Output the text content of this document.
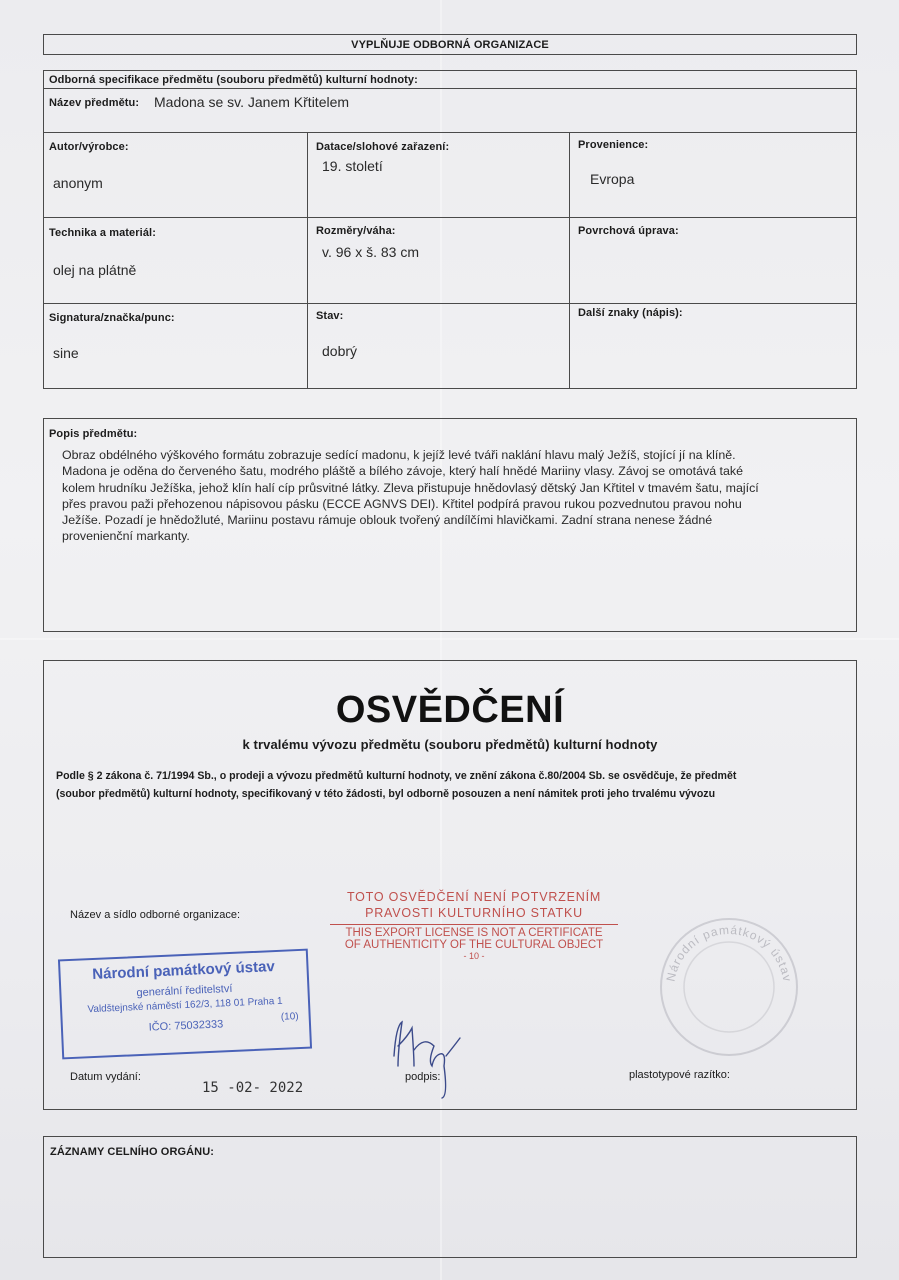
VYPLŇUJE ODBORNÁ ORGANIZACE
Odborná specifikace předmětu (souboru předmětů) kulturní hodnoty:
Název předmětu: Madona se sv. Janem Křtitelem
Autor/výrobce:
anonym
Datace/slohové zařazení:
19. století
Provenience:
Evropa
Technika a materiál:
olej na plátně
Rozměry/váha:
v. 96 x š. 83 cm
Povrchová úprava:
Signatura/značka/punc:
sine
Stav:
dobrý
Další znaky (nápis):
Popis předmětu:
Obraz obdélného výškového formátu zobrazuje sedící madonu, k jejíž levé tváři naklání hlavu malý Ježíš, stojící jí na klíně.
Madona je oděna do červeného šatu, modrého pláště a bílého závoje, který halí hnědé Mariiny vlasy. Závoj se omotává také
kolem hrudníku Ježíška, jehož klín halí cíp průsvitné látky. Zleva přistupuje hnědovlasý dětský Jan Křtitel v tmavém šatu, mající
přes pravou paži přehozenou nápisovou pásku (ECCE AGNVS DEI). Křtitel podpírá pravou rukou pozvednutou pravou nohu
Ježíše. Pozadí je hnědožluté, Mariinu postavu rámuje oblouk tvořený andílčími hlavičkami. Zadní strana nenese žádné
provenienční markanty.
OSVĚDČENÍ
k trvalému vývozu předmětu (souboru předmětů) kulturní hodnoty
Podle § 2 zákona č. 71/1994 Sb., o prodeji a vývozu předmětů kulturní hodnoty, ve znění zákona č.80/2004 Sb. se osvědčuje, že předmět
(soubor předmětů) kulturní hodnoty, specifikovaný v této žádosti, byl odborně posouzen a není námitek proti jeho trvalému vývozu
Název a sídlo odborné organizace:
TOTO OSVĚDČENÍ NENÍ POTVRZENÍM
PRAVOSTI KULTURNÍHO STATKU
THIS EXPORT LICENSE IS NOT A CERTIFICATE
OF AUTHENTICITY OF THE CULTURAL OBJECT
- 10 -
Národní památkový ústav
Národní památkový ústav
generální ředitelství
Valdštejnské náměstí 162/3, 118 01 Praha 1
IČO: 75032333
(10)
Datum vydání:
15 -02- 2022
podpis:	plastotypové razítko:
ZÁZNAMY CELNÍHO ORGÁNU:
